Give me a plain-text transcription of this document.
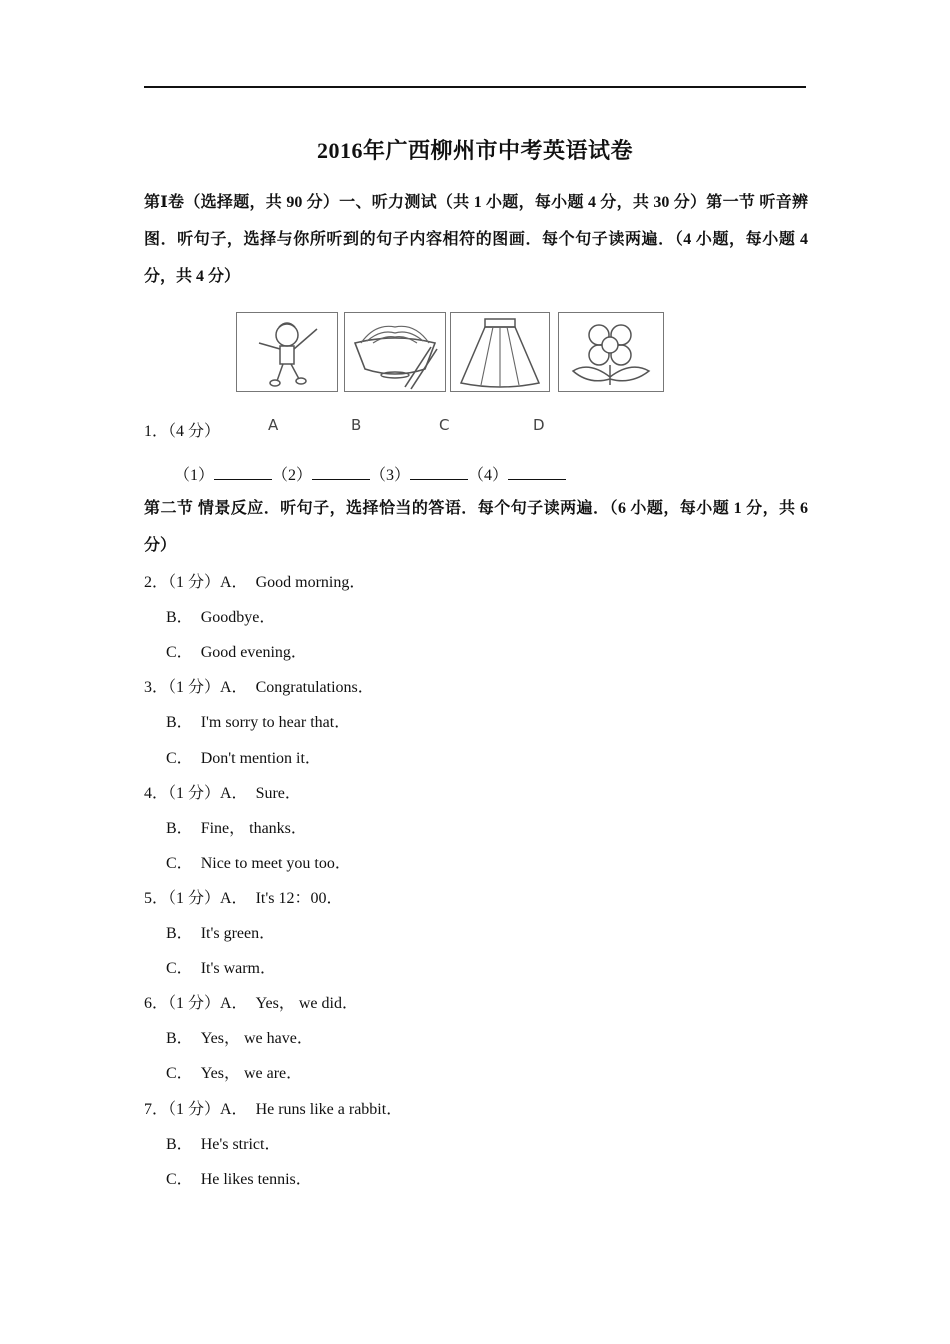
2016年广西柳州市中考英语试卷
第Ⅰ卷（选择题，共 90 分）一、听力测试（共 1 小题，每小题 4 分，共 30 分）第一节 听音辨图．听句子，选择与你所听到的句子内容相符的图画．每个句子读两遍．（4 小题，每小题 4 分，共 4 分）
1．（4 分）	A	B	C	D
（1）	（2）	（3）	（4）
第二节 情景反应．听句子，选择恰当的答语．每个句子读两遍．（6 小题，每小题 1 分，共 6 分）
2．（1 分）A． Good morning．
B． Goodbye．
C． Good evening．
3．（1 分）A． Congratulations．
B． I'm sorry to hear that．
C． Don't mention it．
4．（1 分）A． Sure．
B． Fine， thanks．
C． Nice to meet you too．
5．（1 分）A． It's 12：00．
B． It's green．
C． It's warm．
6．（1 分）A． Yes， we did．
B． Yes， we have．
C． Yes， we are．
7．（1 分）A． He runs like a rabbit．
B． He's strict．
C． He likes tennis．
